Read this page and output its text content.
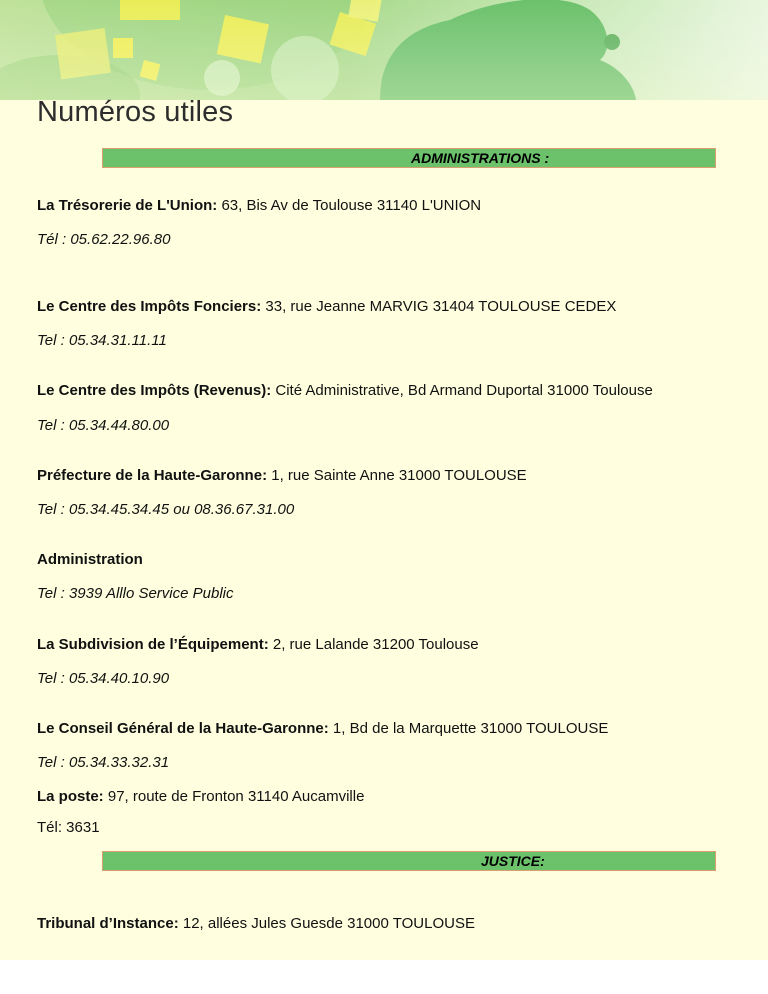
Numéros utiles
ADMINISTRATIONS :
La Trésorerie de L'Union: 63, Bis Av de Toulouse 31140 L'UNION
Tél : 05.62.22.96.80
Le Centre des Impôts Fonciers: 33, rue Jeanne MARVIG 31404 TOULOUSE CEDEX
Tel : 05.34.31.11.11
Le Centre des Impôts (Revenus): Cité Administrative, Bd Armand Duportal 31000 Toulouse
Tel : 05.34.44.80.00
Préfecture de la Haute-Garonne: 1, rue Sainte Anne 31000 TOULOUSE
Tel : 05.34.45.34.45 ou 08.36.67.31.00
Administration
Tel : 3939 Alllo Service Public
La Subdivision de l’Équipement: 2, rue Lalande 31200 Toulouse
Tel : 05.34.40.10.90
Le Conseil Général de la Haute-Garonne: 1, Bd de la Marquette 31000 TOULOUSE
Tel : 05.34.33.32.31
La poste: 97, route de Fronton 31140 Aucamville
Tél: 3631
JUSTICE:
Tribunal d’Instance: 12, allées Jules Guesde 31000 TOULOUSE
